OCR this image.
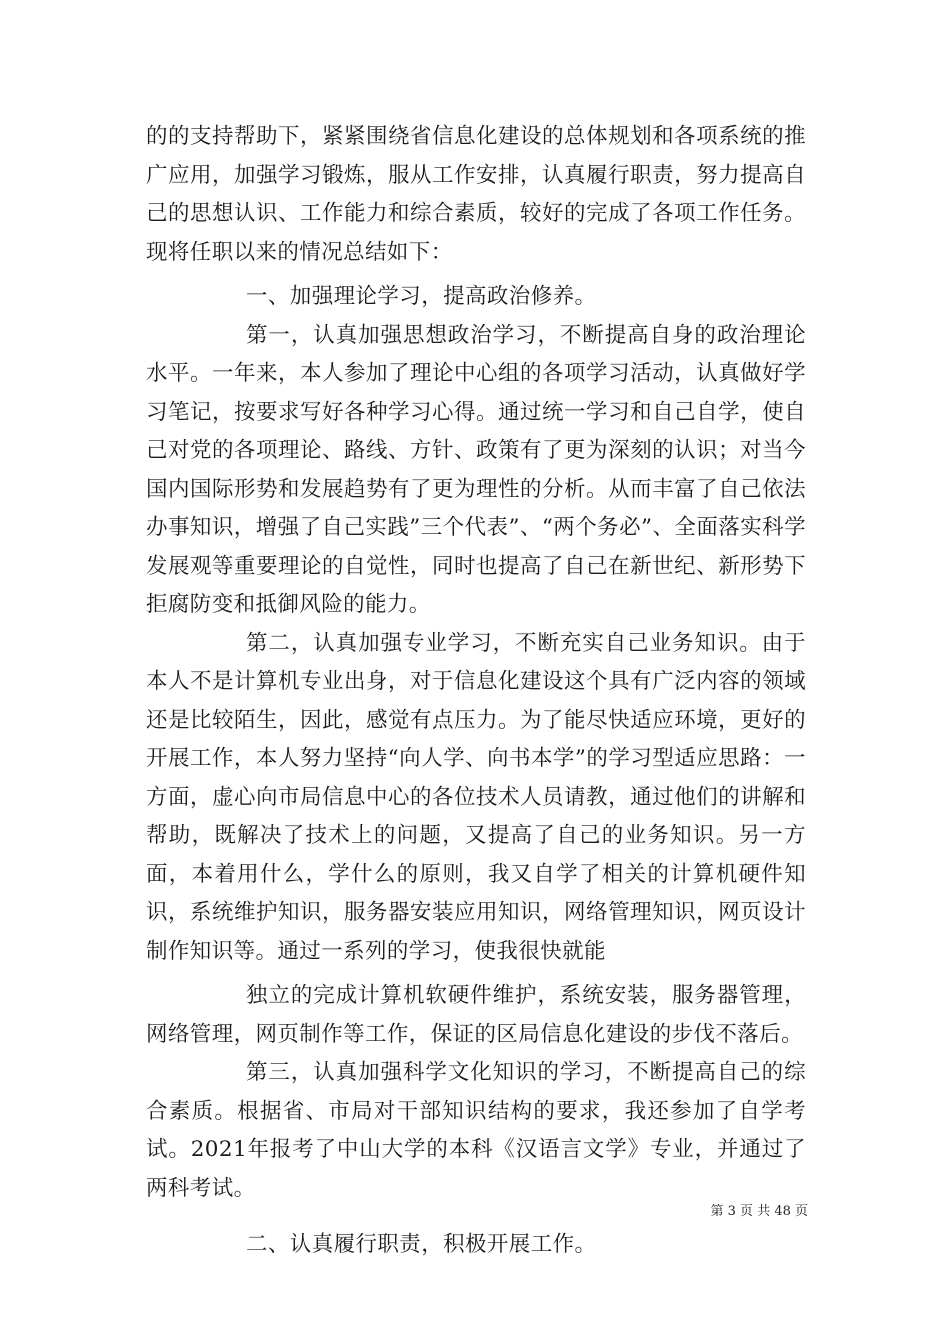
的的支持帮助下，紧紧围绕省信息化建设的总体规划和各项系统的推广应用，加强学习锻炼，服从工作安排，认真履行职责，努力提高自己的思想认识、工作能力和综合素质，较好的完成了各项工作任务。现将任职以来的情况总结如下：

一、加强理论学习，提高政治修养。

第一，认真加强思想政治学习，不断提高自身的政治理论水平。一年来，本人参加了理论中心组的各项学习活动，认真做好学习笔记，按要求写好各种学习心得。通过统一学习和自己自学，使自己对党的各项理论、路线、方针、政策有了更为深刻的认识；对当今国内国际形势和发展趋势有了更为理性的分析。从而丰富了自己依法办事知识，增强了自己实践”三个代表”、“两个务必”、全面落实科学发展观等重要理论的自觉性，同时也提高了自己在新世纪、新形势下拒腐防变和抵御风险的能力。

第二，认真加强专业学习，不断充实自己业务知识。由于本人不是计算机专业出身，对于信息化建设这个具有广泛内容的领域还是比较陌生，因此，感觉有点压力。为了能尽快适应环境，更好的开展工作，本人努力坚持“向人学、向书本学”的学习型适应思路：一方面，虚心向市局信息中心的各位技术人员请教，通过他们的讲解和帮助，既解决了技术上的问题，又提高了自己的业务知识。另一方面，本着用什么，学什么的原则，我又自学了相关的计算机硬件知识，系统维护知识，服务器安装应用知识，网络管理知识，网页设计制作知识等。通过一系列的学习，使我很快就能

独立的完成计算机软硬件维护，系统安装，服务器管理，网络管理，网页制作等工作，保证的区局信息化建设的步伐不落后。

第三，认真加强科学文化知识的学习，不断提高自己的综合素质。根据省、市局对干部知识结构的要求，我还参加了自学考试。2021年报考了中山大学的本科《汉语言文学》专业，并通过了两科考试。

二、认真履行职责，积极开展工作。

第 3 页 共 48 页
